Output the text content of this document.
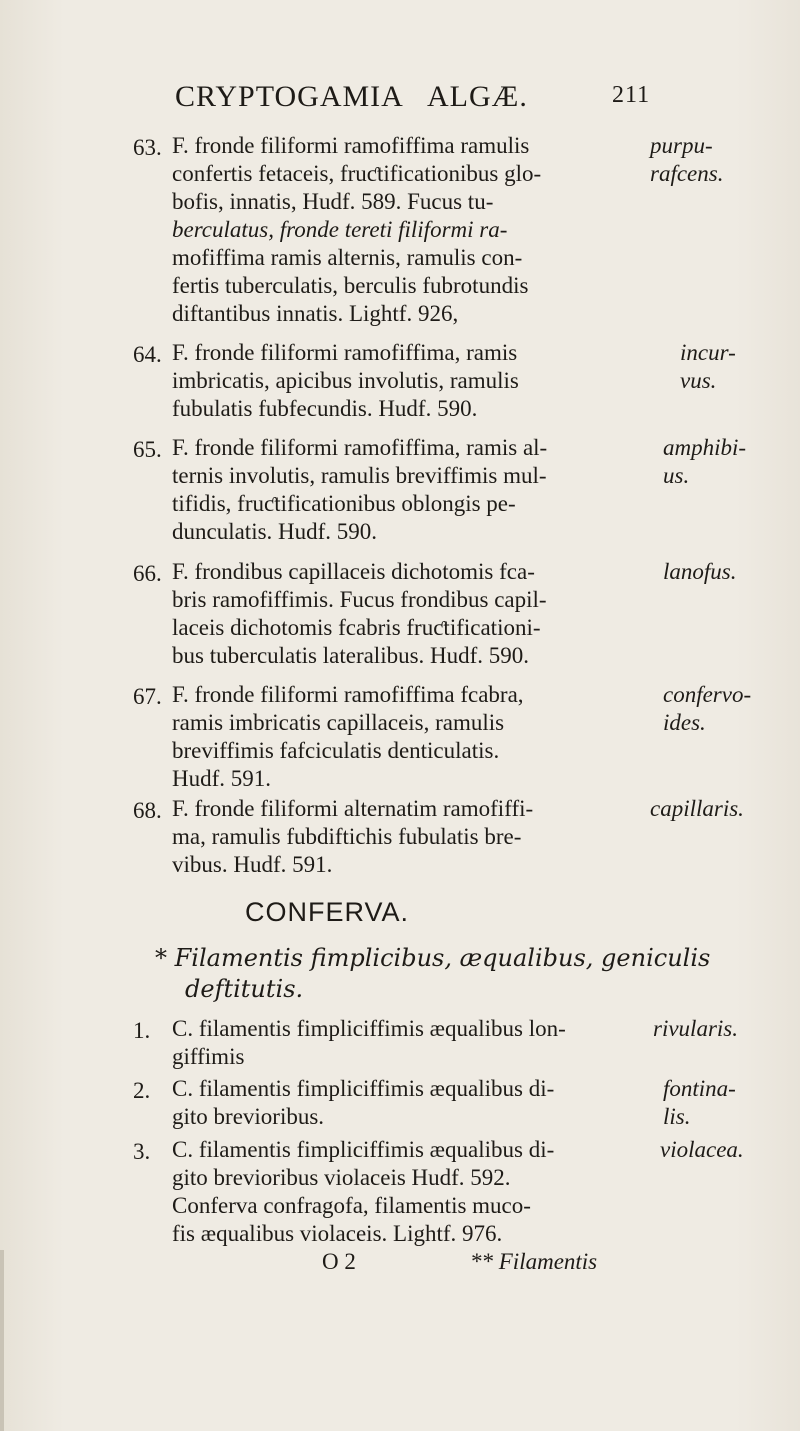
CRYPTOGAMIA ALGÆ.	211
63. F. fronde filiformi ramofiffima ramulis
confertis fetaceis, fruƈtificationibus glo-
bofis, innatis, Hudf. 589. Fucus tu-
berculatus, fronde tereti filiformi ra-
mofiffima ramis alternis, ramulis con-
fertis tuberculatis, berculis fubrotundis
diftantibus innatis. Lightf. 926,
purpu-
rafcens.
64. F. fronde filiformi ramofiffima, ramis
imbricatis, apicibus involutis, ramulis
fubulatis fubfecundis. Hudf. 590.
incur-
vus.
65. F. fronde filiformi ramofiffima, ramis al-
ternis involutis, ramulis breviffimis mul-
tifidis, fruƈtificationibus oblongis pe-
dunculatis. Hudf. 590.
amphibi-
us.
66. F. frondibus capillaceis dichotomis fca-
bris ramofiffimis. Fucus frondibus capil-
laceis dichotomis fcabris fruƈtificationi-
bus tuberculatis lateralibus. Hudf. 590.
lanofus.
67. F. fronde filiformi ramofiffima fcabra,
ramis imbricatis capillaceis, ramulis
breviffimis fafciculatis denticulatis.
Hudf. 591.
confervo-
ides.
68. F. fronde filiformi alternatim ramofiffi-
ma, ramulis fubdiftichis fubulatis bre-
vibus. Hudf. 591.
capillaris.
CONFERVA.
* Filamentis fimplicibus, æqualibus, geniculis
deftitutis.
1. C. filamentis fimpliciffimis æqualibus lon-
giffimis
rivularis.
2. C. filamentis fimpliciffimis æqualibus di-
gito brevioribus.
fontina-
lis.
3. C. filamentis fimpliciffimis æqualibus di-
gito brevioribus violaceis Hudf. 592.
Conferva confragofa, filamentis muco-
fis æqualibus violaceis. Lightf. 976.
violacea.
O 2	** Filamentis
